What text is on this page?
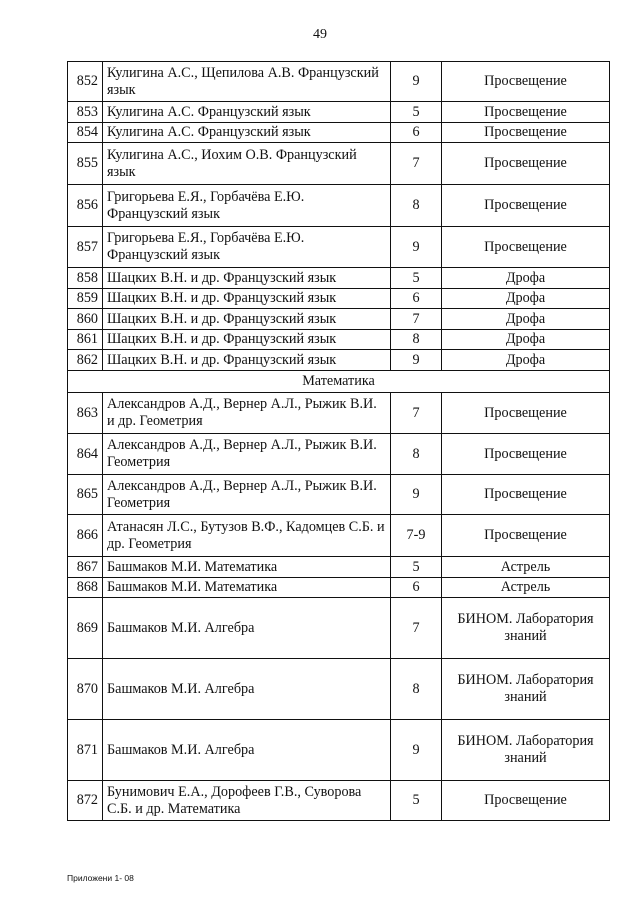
49
852	Кулигина А.С., Щепилова А.В. Французский язык	9	Просвещение
853	Кулигина А.С. Французский язык	5	Просвещение
854	Кулигина А.С. Французский язык	6	Просвещение
855	Кулигина А.С., Иохим О.В. Французский язык	7	Просвещение
856	Григорьева Е.Я., Горбачёва Е.Ю. Французский язык	8	Просвещение
857	Григорьева Е.Я., Горбачёва Е.Ю. Французский язык	9	Просвещение
858	Шацких В.Н. и др. Французский язык	5	Дрофа
859	Шацких В.Н. и др. Французский язык	6	Дрофа
860	Шацких В.Н. и др. Французский язык	7	Дрофа
861	Шацких В.Н. и др. Французский язык	8	Дрофа
862	Шацких В.Н. и др. Французский язык	9	Дрофа
Математика			
863	Александров А.Д., Вернер А.Л., Рыжик В.И. и др. Геометрия	7	Просвещение
864	Александров А.Д., Вернер А.Л., Рыжик В.И. Геометрия	8	Просвещение
865	Александров А.Д., Вернер А.Л., Рыжик В.И. Геометрия	9	Просвещение
866	Атанасян Л.С., Бутузов В.Ф., Кадомцев С.Б. и др. Геометрия	7-9	Просвещение
867	Башмаков М.И. Математика	5	Астрель
868	Башмаков М.И. Математика	6	Астрель
869	Башмаков М.И. Алгебра	7	БИНОМ. Лаборатория знаний
870	Башмаков М.И. Алгебра	8	БИНОМ. Лаборатория знаний
871	Башмаков М.И. Алгебра	9	БИНОМ. Лаборатория знаний
872	Бунимович Е.А., Дорофеев Г.В., Суворова С.Б. и др. Математика	5	Просвещение
Приложени 1- 08
